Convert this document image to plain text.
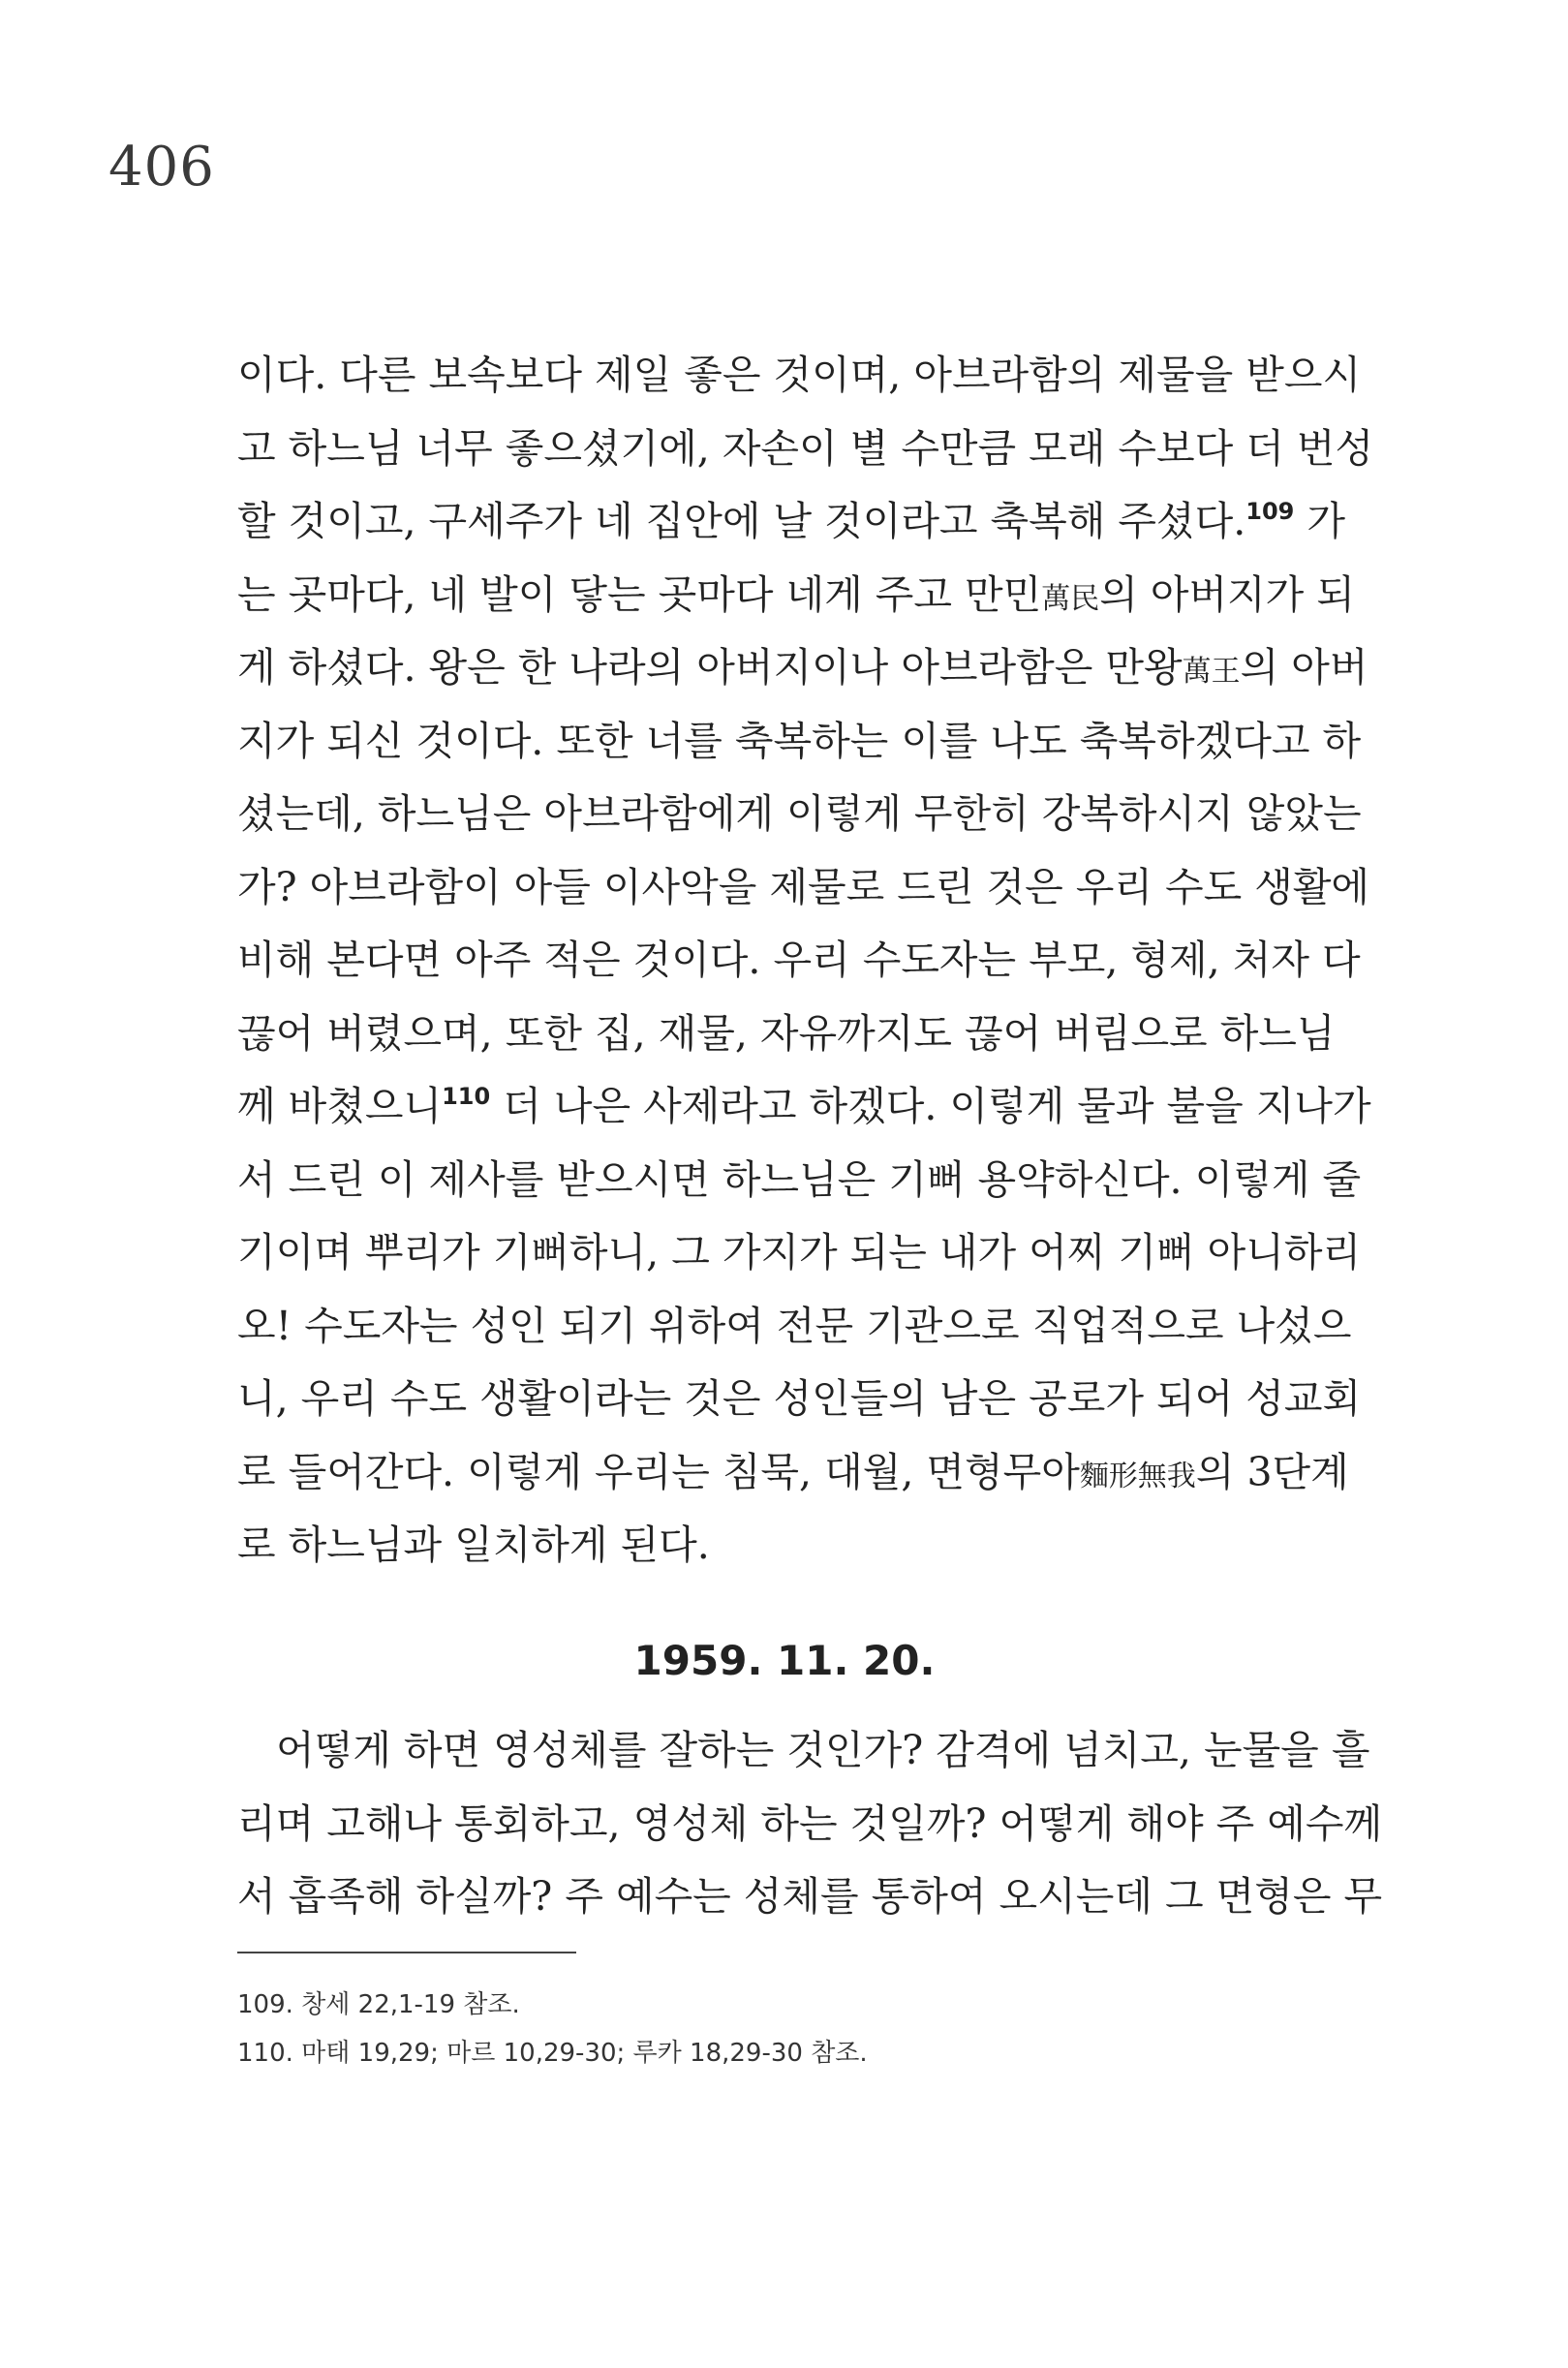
406
이다. 다른 보속보다 제일 좋은 것이며, 아브라함의 제물을 받으시
고 하느님 너무 좋으셨기에, 자손이 별 수만큼 모래 수보다 더 번성
할 것이고, 구세주가 네 집안에 날 것이라고 축복해 주셨다.$^{109}$ 가
는 곳마다, 네 발이 닿는 곳마다 네게 주고 만민萬民의 아버지가 되
게 하셨다. 왕은 한 나라의 아버지이나 아브라함은 만왕萬王의 아버
지가 되신 것이다. 또한 너를 축복하는 이를 나도 축복하겠다고 하
셨는데, 하느님은 아브라함에게 이렇게 무한히 강복하시지 않았는
가? 아브라함이 아들 이사악을 제물로 드린 것은 우리 수도 생활에
비해 본다면 아주 적은 것이다. 우리 수도자는 부모, 형제, 처자 다
끊어 버렸으며, 또한 집, 재물, 자유까지도 끊어 버림으로 하느님
께 바쳤으니$^{110}$ 더 나은 사제라고 하겠다. 이렇게 물과 불을 지나가
서 드린 이 제사를 받으시면 하느님은 기뻐 용약하신다. 이렇게 줄
기이며 뿌리가 기뻐하니, 그 가지가 되는 내가 어찌 기뻐 아니하리
오! 수도자는 성인 되기 위하여 전문 기관으로 직업적으로 나섰으
니, 우리 수도 생활이라는 것은 성인들의 남은 공로가 되어 성교회
로 들어간다. 이렇게 우리는 침묵, 대월, 면형무아麵形無我의 3단계
로 하느님과 일치하게 된다.
1959. 11. 20.
어떻게 하면 영성체를 잘하는 것인가? 감격에 넘치고, 눈물을 흘
리며 고해나 통회하고, 영성체 하는 것일까? 어떻게 해야 주 예수께
서 흡족해 하실까? 주 예수는 성체를 통하여 오시는데 그 면형은 무
109. 창세 22,1-19 참조.
110. 마태 19,29; 마르 10,29-30; 루카 18,29-30 참조.
